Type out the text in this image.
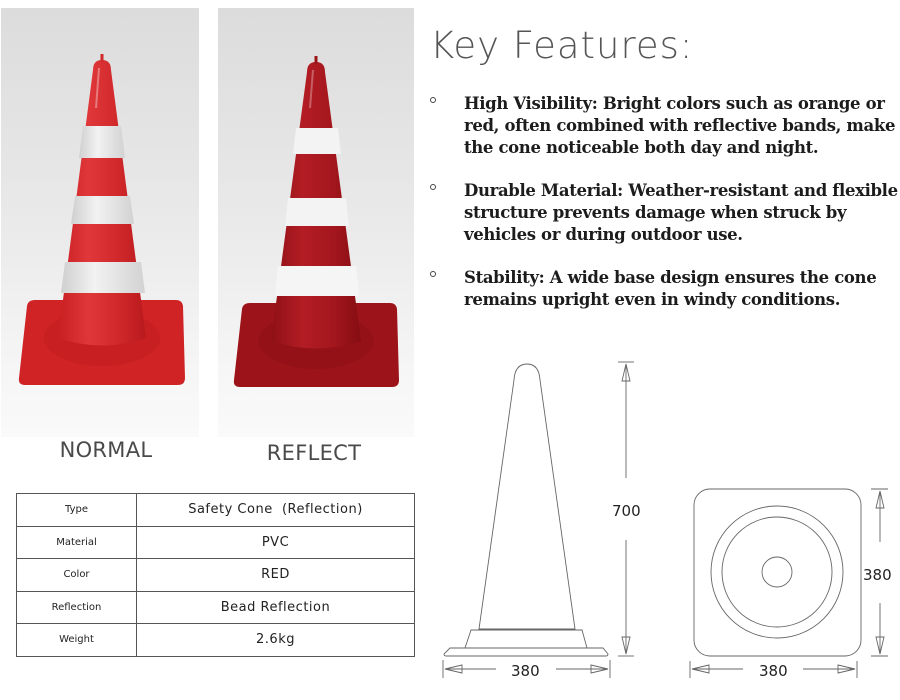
NORMAL	REFLECT
Type	Safety Cone  (Reflection)
Material	PVC
Color	RED
Reflection	Bead Reflection
Weight	2.6kg
Key Features:
High Visibility: Bright colors such as orange or red, often combined with reflective bands, make the cone noticeable both day and night.
Durable Material: Weather-resistant and flexible structure prevents damage when struck by vehicles or during outdoor use.
Stability: A wide base design ensures the cone remains upright even in windy conditions.
700
380
380
380
